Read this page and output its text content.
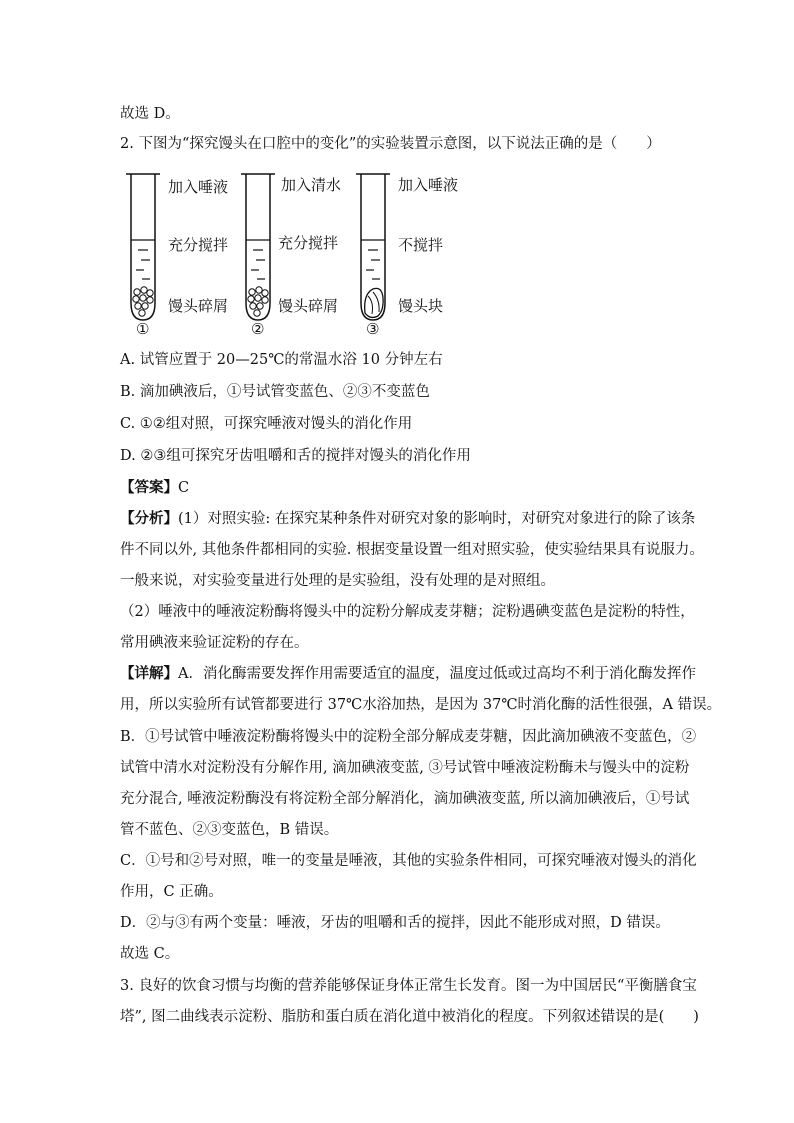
故选 D。
2. 下图为“探究馒头在口腔中的变化”的实验装置示意图，以下说法正确的是（　　）
加入唾液
充分搅拌
馒头碎屑
①
加入清水
充分搅拌
馒头碎屑
②
加入唾液
不搅拌
馒头块
③
A. 试管应置于 20—25℃的常温水浴 10 分钟左右
B. 滴加碘液后，①号试管变蓝色、②③不变蓝色
C. ①②组对照，可探究唾液对馒头的消化作用
D. ②③组可探究牙齿咀嚼和舌的搅拌对馒头的消化作用
【答案】C
【分析】(1）对照实验: 在探究某种条件对研究对象的影响时，对研究对象进行的除了该条
件不同以外, 其他条件都相同的实验. 根据变量设置一组对照实验，使实验结果具有说服力。
一般来说，对实验变量进行处理的是实验组，没有处理的是对照组。
（2）唾液中的唾液淀粉酶将馒头中的淀粉分解成麦芽糖；淀粉遇碘变蓝色是淀粉的特性，
常用碘液来验证淀粉的存在。
【详解】A．消化酶需要发挥作用需要适宜的温度，温度过低或过高均不利于消化酶发挥作
用，所以实验所有试管都要进行 37℃水浴加热，是因为 37℃时消化酶的活性很强，A 错误。
B．①号试管中唾液淀粉酶将馒头中的淀粉全部分解成麦芽糖，因此滴加碘液不变蓝色，②
试管中清水对淀粉没有分解作用, 滴加碘液变蓝, ③号试管中唾液淀粉酶未与馒头中的淀粉
充分混合, 唾液淀粉酶没有将淀粉全部分解消化，滴加碘液变蓝, 所以滴加碘液后，①号试
管不蓝色、②③变蓝色，B 错误。
C．①号和②号对照，唯一的变量是唾液，其他的实验条件相同，可探究唾液对馒头的消化
作用，C 正确。
D．②与③有两个变量：唾液，牙齿的咀嚼和舌的搅拌，因此不能形成对照，D 错误。
故选 C。
3. 良好的饮食习惯与均衡的营养能够保证身体正常生长发育。图一为中国居民“平衡膳食宝
塔”, 图二曲线表示淀粉、脂肪和蛋白质在消化道中被消化的程度。下列叙述错误的是(　　)
